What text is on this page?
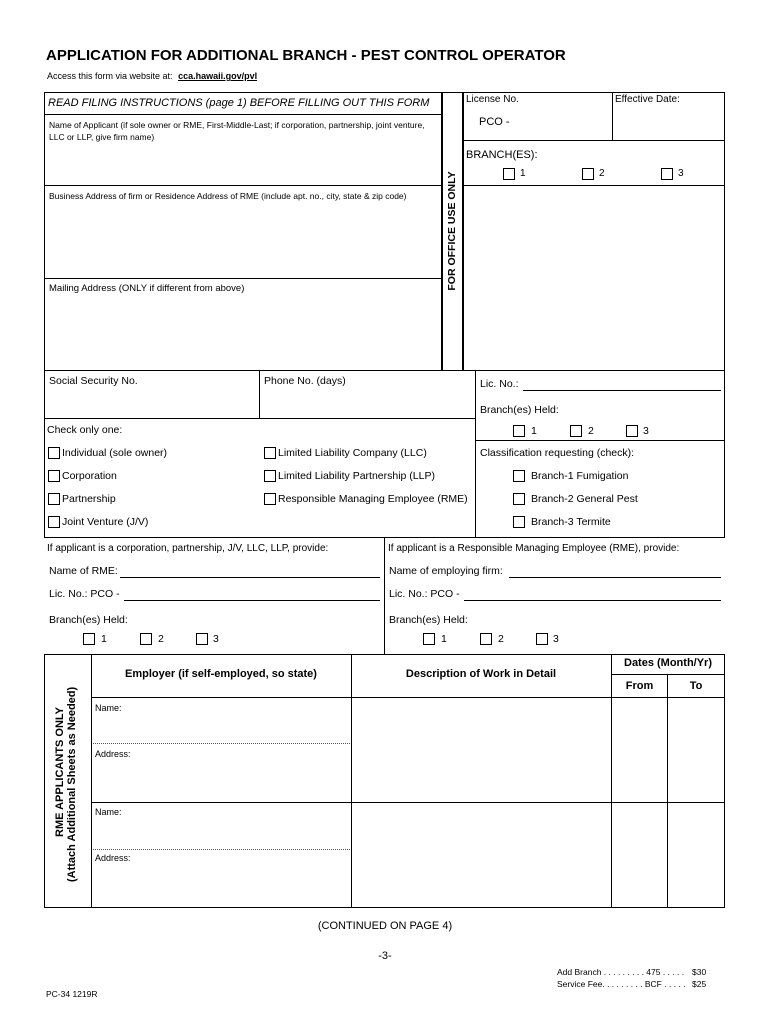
APPLICATION FOR ADDITIONAL BRANCH - PEST CONTROL OPERATOR
Access this form via website at: cca.hawaii.gov/pvl
READ FILING INSTRUCTIONS (page 1) BEFORE FILLING OUT THIS FORM
Name of Applicant (if sole owner or RME, First-Middle-Last; if corporation, partnership, joint venture, LLC or LLP, give firm name)
Business Address of firm or Residence Address of RME (include apt. no., city, state & zip code)
Mailing Address (ONLY if different from above)	FOR OFFICE USE ONLY
License No.	Effective Date:
PCO -
BRANCH(ES):
1	2	3
Social Security No.	Phone No. (days)	Lic. No.:
Branch(es) Held:
1	2	3
Check only one:
Individual (sole owner)
Corporation
Partnership
Joint Venture (J/V)
Limited Liability Company (LLC)
Limited Liability Partnership (LLP)
Responsible Managing Employee (RME)
Classification requesting (check):
Branch-1 Fumigation
Branch-2 General Pest
Branch-3 Termite
If applicant is a corporation, partnership, J/V, LLC, LLP, provide:
Name of RME:
Lic. No.: PCO -
Branch(es) Held:
1	2	3
If applicant is a Responsible Managing Employee (RME), provide:
Name of employing firm:
Lic. No.: PCO -
Branch(es) Held:
1	2	3
RME APPLICANTS ONLY (Attach Additional Sheets as Needed)
Employer (if self-employed, so state)	Description of Work in Detail
Dates (Month/Yr)
From	To
Name:
Address:
Name:
Address:
(CONTINUED ON PAGE 4)
-3-
Add Branch . . . . . . . . . 475 . . . . . $30
Service Fee. . . . . . . . . BCF . . . . . $25
PC-34 1219R
